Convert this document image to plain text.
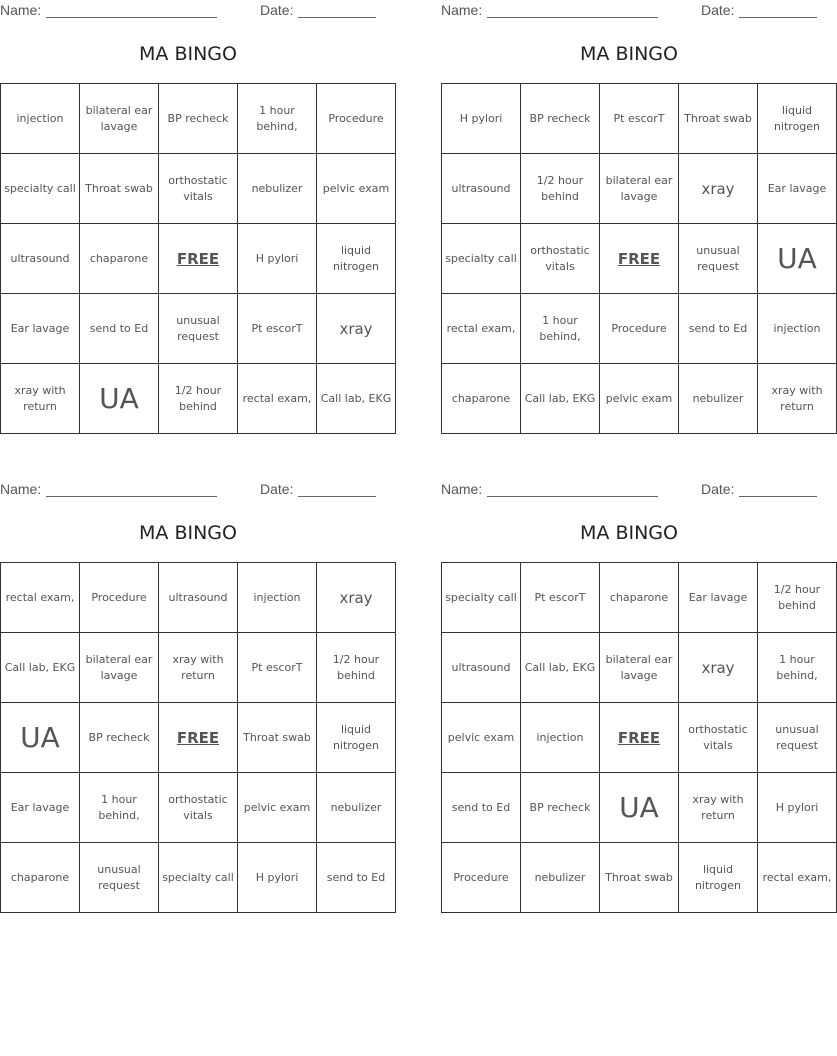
Name:	Date:
MA BINGO
injection	bilateral ear lavage	BP recheck	1 hour behind,	Procedure
specialty call	Throat swab	orthostatic vitals	nebulizer	pelvic exam
ultrasound	chaparone	FREE	H pylori	liquid nitrogen
Ear lavage	send to Ed	unusual request	Pt escorT	xray
xray with return	UA	1/2 hour behind	rectal exam,	Call lab, EKG
Name:	Date:
MA BINGO
H pylori	BP recheck	Pt escorT	Throat swab	liquid nitrogen
ultrasound	1/2 hour behind	bilateral ear lavage	xray	Ear lavage
specialty call	orthostatic vitals	FREE	unusual request	UA
rectal exam,	1 hour behind,	Procedure	send to Ed	injection
chaparone	Call lab, EKG	pelvic exam	nebulizer	xray with return
Name:	Date:
MA BINGO
rectal exam,	Procedure	ultrasound	injection	xray
Call lab, EKG	bilateral ear lavage	xray with return	Pt escorT	1/2 hour behind
UA	BP recheck	FREE	Throat swab	liquid nitrogen
Ear lavage	1 hour behind,	orthostatic vitals	pelvic exam	nebulizer
chaparone	unusual request	specialty call	H pylori	send to Ed
Name:	Date:
MA BINGO
specialty call	Pt escorT	chaparone	Ear lavage	1/2 hour behind
ultrasound	Call lab, EKG	bilateral ear lavage	xray	1 hour behind,
pelvic exam	injection	FREE	orthostatic vitals	unusual request
send to Ed	BP recheck	UA	xray with return	H pylori
Procedure	nebulizer	Throat swab	liquid nitrogen	rectal exam,
